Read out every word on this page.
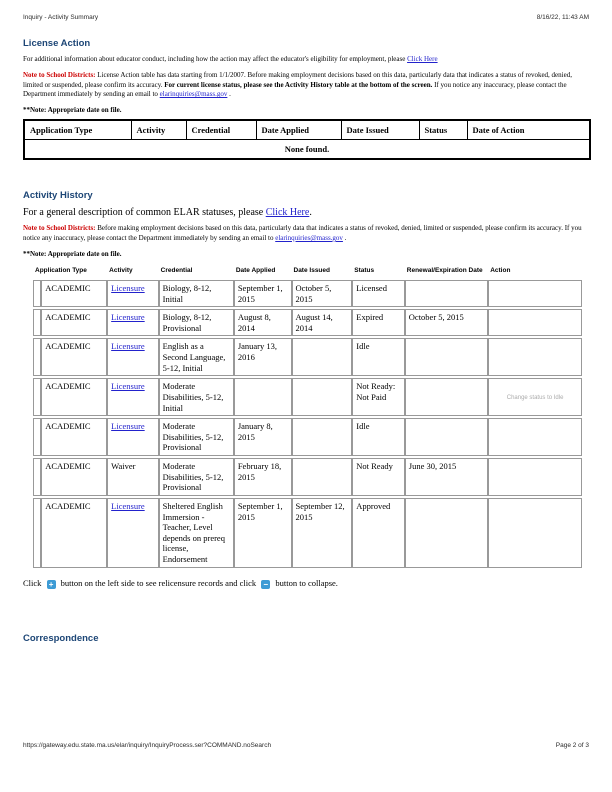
Inquiry - Activity Summary	8/16/22, 11:43 AM
License Action

For additional information about educator conduct, including how the action may affect the educator's eligibility for employment, please Click Here

Note to School Districts: License Action table has data starting from 1/1/2007. Before making employment decisions based on this data, particularly data that indicates a status of revoked, denied, limited or suspended, please confirm its accuracy. For current license status, please see the Activity History table at the bottom of the screen. If you notice any inaccuracy, please contact the Department immediately by sending an email to elarinquiries@mass.gov .

**Note: Appropriate date on file.

Application Type	Activity	Credential	Date Applied	Date Issued	Status	Date of Action
None found.
Activity History

For a general description of common ELAR statuses, please Click Here.

Note to School Districts: Before making employment decisions based on this data, particularly data that indicates a status of revoked, denied, limited or suspended, please confirm its accuracy. If you notice any inaccuracy, please contact the Department immediately by sending an email to elarinquiries@mass.gov .

**Note: Appropriate date on file.

Application Type		Activity	Credential	Date Applied	Date Issued	Status	Renewal/Expiration Date	Action
	ACADEMIC	Licensure	Biology, 8-12, Initial	September 1, 2015	October 5, 2015	Licensed		
	ACADEMIC	Licensure	Biology, 8-12, Provisional	August 8, 2014	August 14, 2014	Expired	October 5, 2015	
	ACADEMIC	Licensure	English as a Second Language, 5-12, Initial	January 13, 2016		Idle		
	ACADEMIC	Licensure	Moderate Disabilities, 5-12, Initial			Not Ready: Not Paid		Change status to Idle
	ACADEMIC	Licensure	Moderate Disabilities, 5-12, Provisional	January 8, 2015		Idle		
	ACADEMIC	Waiver	Moderate Disabilities, 5-12, Provisional	February 18, 2015		Not Ready	June 30, 2015	
	ACADEMIC	Licensure	Sheltered English Immersion - Teacher, Level depends on prereq license, Endorsement	September 1, 2015	September 12, 2015	Approved		

Click + button on the left side to see relicensure records and click − button to collapse.

Correspondence
https://gateway.edu.state.ma.us/elar/inquiry/InquiryProcess.ser?COMMAND.noSearch	Page 2 of 3
